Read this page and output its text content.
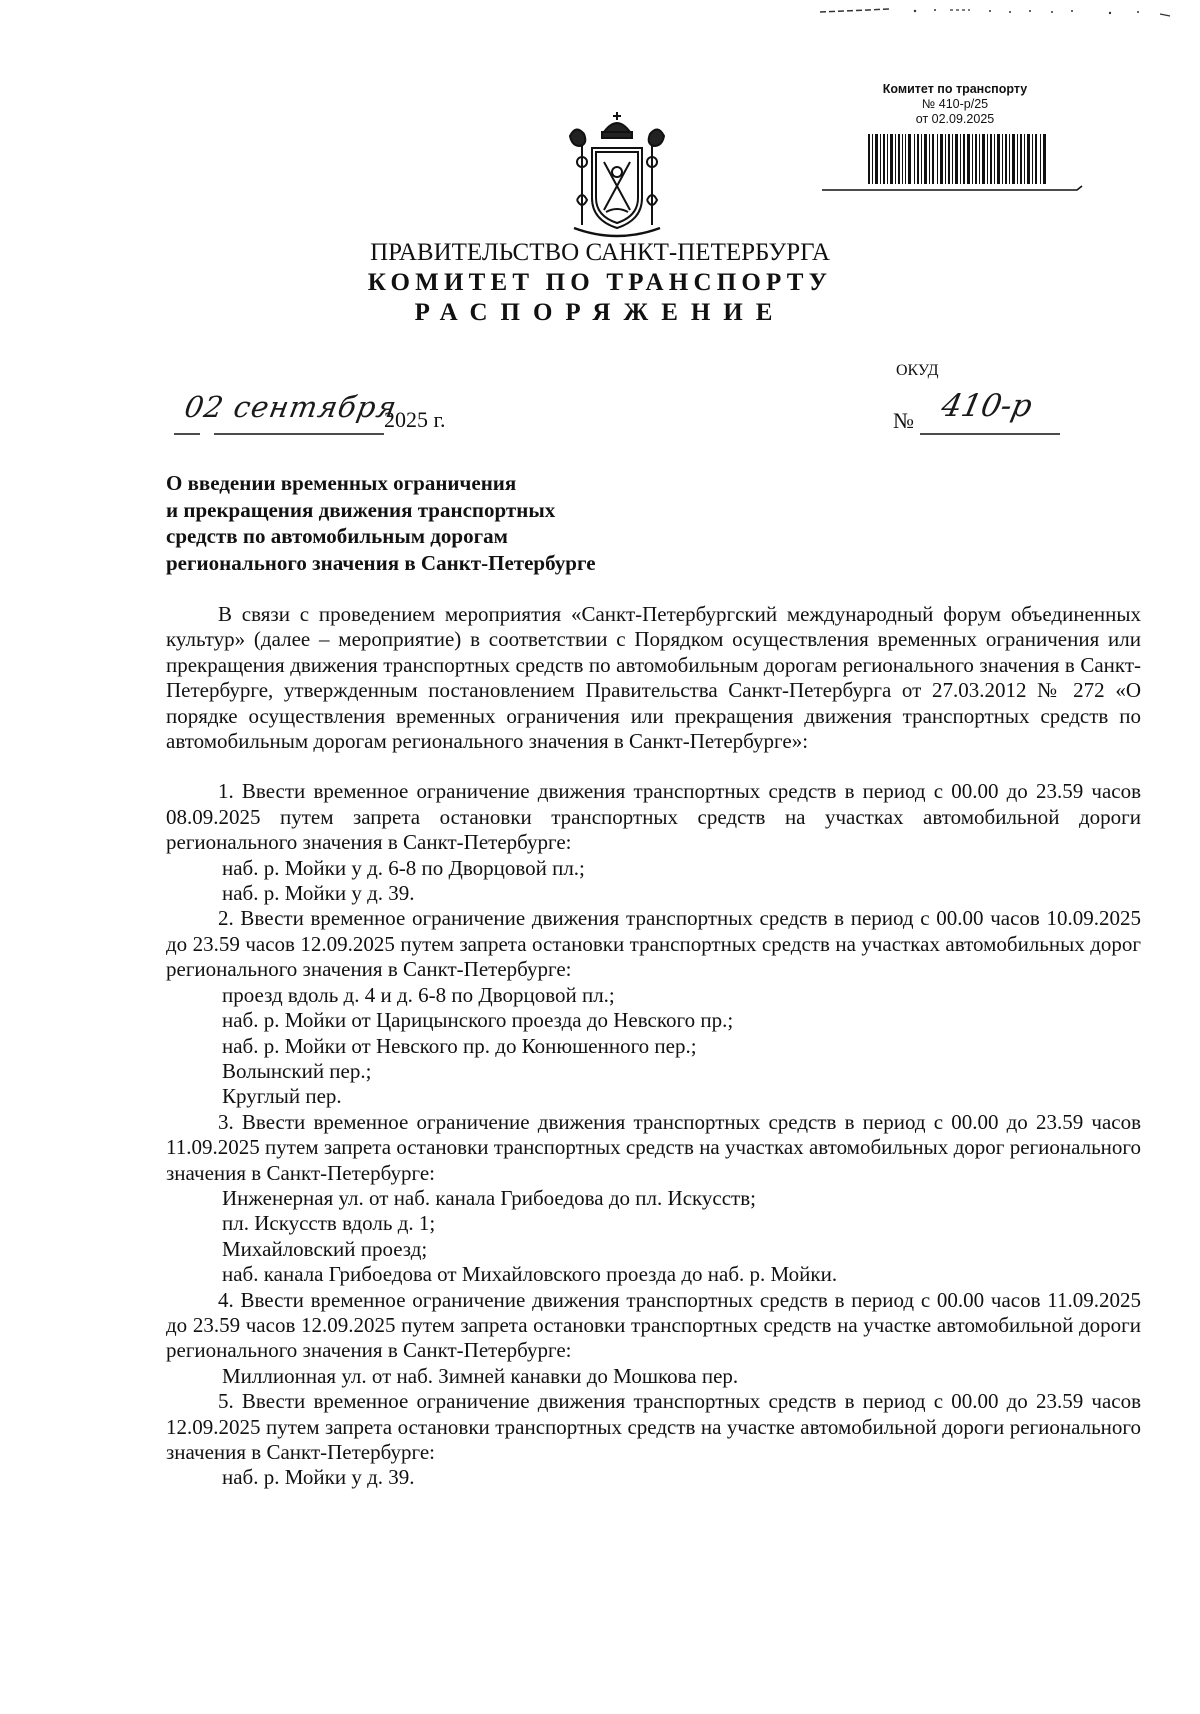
Комитет по транспорту
№ 410-р/25
от 02.09.2025
ПРАВИТЕЛЬСТВО САНКТ-ПЕТЕРБУРГА
КОМИТЕТ ПО ТРАНСПОРТУ
РАСПОРЯЖЕНИЕ
ОКУД
02 сентября
2025 г.	№ 410-р
О введении временных ограничения
и прекращения движения транспортных
средств по автомобильным дорогам
регионального значения в Санкт-Петербурге

В связи с проведением мероприятия «Санкт-Петербургский международный форум объединенных культур» (далее – мероприятие) в соответствии с Порядком осуществления временных ограничения или прекращения движения транспортных средств по автомобильным дорогам регионального значения в Санкт-Петербурге, утвержденным постановлением Правительства Санкт-Петербурга от 27.03.2012 № 272 «О порядке осуществления временных ограничения или прекращения движения транспортных средств по автомобильным дорогам регионального значения в Санкт-Петербурге»:

1. Ввести временное ограничение движения транспортных средств в период с 00.00 до 23.59 часов 08.09.2025 путем запрета остановки транспортных средств на участках автомобильной дороги регионального значения в Санкт-Петербурге:

наб. р. Мойки у д. 6-8 по Дворцовой пл.;

наб. р. Мойки у д. 39.

2. Ввести временное ограничение движения транспортных средств в период с 00.00 часов 10.09.2025 до 23.59 часов 12.09.2025 путем запрета остановки транспортных средств на участках автомобильных дорог регионального значения в Санкт-Петербурге:

проезд вдоль д. 4 и д. 6-8 по Дворцовой пл.;

наб. р. Мойки от Царицынского проезда до Невского пр.;

наб. р. Мойки от Невского пр. до Конюшенного пер.;

Волынский пер.;

Круглый пер.

3. Ввести временное ограничение движения транспортных средств в период с 00.00 до 23.59 часов 11.09.2025 путем запрета остановки транспортных средств на участках автомобильных дорог регионального значения в Санкт-Петербурге:

Инженерная ул. от наб. канала Грибоедова до пл. Искусств;

пл. Искусств вдоль д. 1;

Михайловский проезд;

наб. канала Грибоедова от Михайловского проезда до наб. р. Мойки.

4. Ввести временное ограничение движения транспортных средств в период с 00.00 часов 11.09.2025 до 23.59 часов 12.09.2025 путем запрета остановки транспортных средств на участке автомобильной дороги регионального значения в Санкт-Петербурге:

Миллионная ул. от наб. Зимней канавки до Мошкова пер.

5. Ввести временное ограничение движения транспортных средств в период с 00.00 до 23.59 часов 12.09.2025 путем запрета остановки транспортных средств на участке автомобильной дороги регионального значения в Санкт-Петербурге:

наб. р. Мойки у д. 39.
